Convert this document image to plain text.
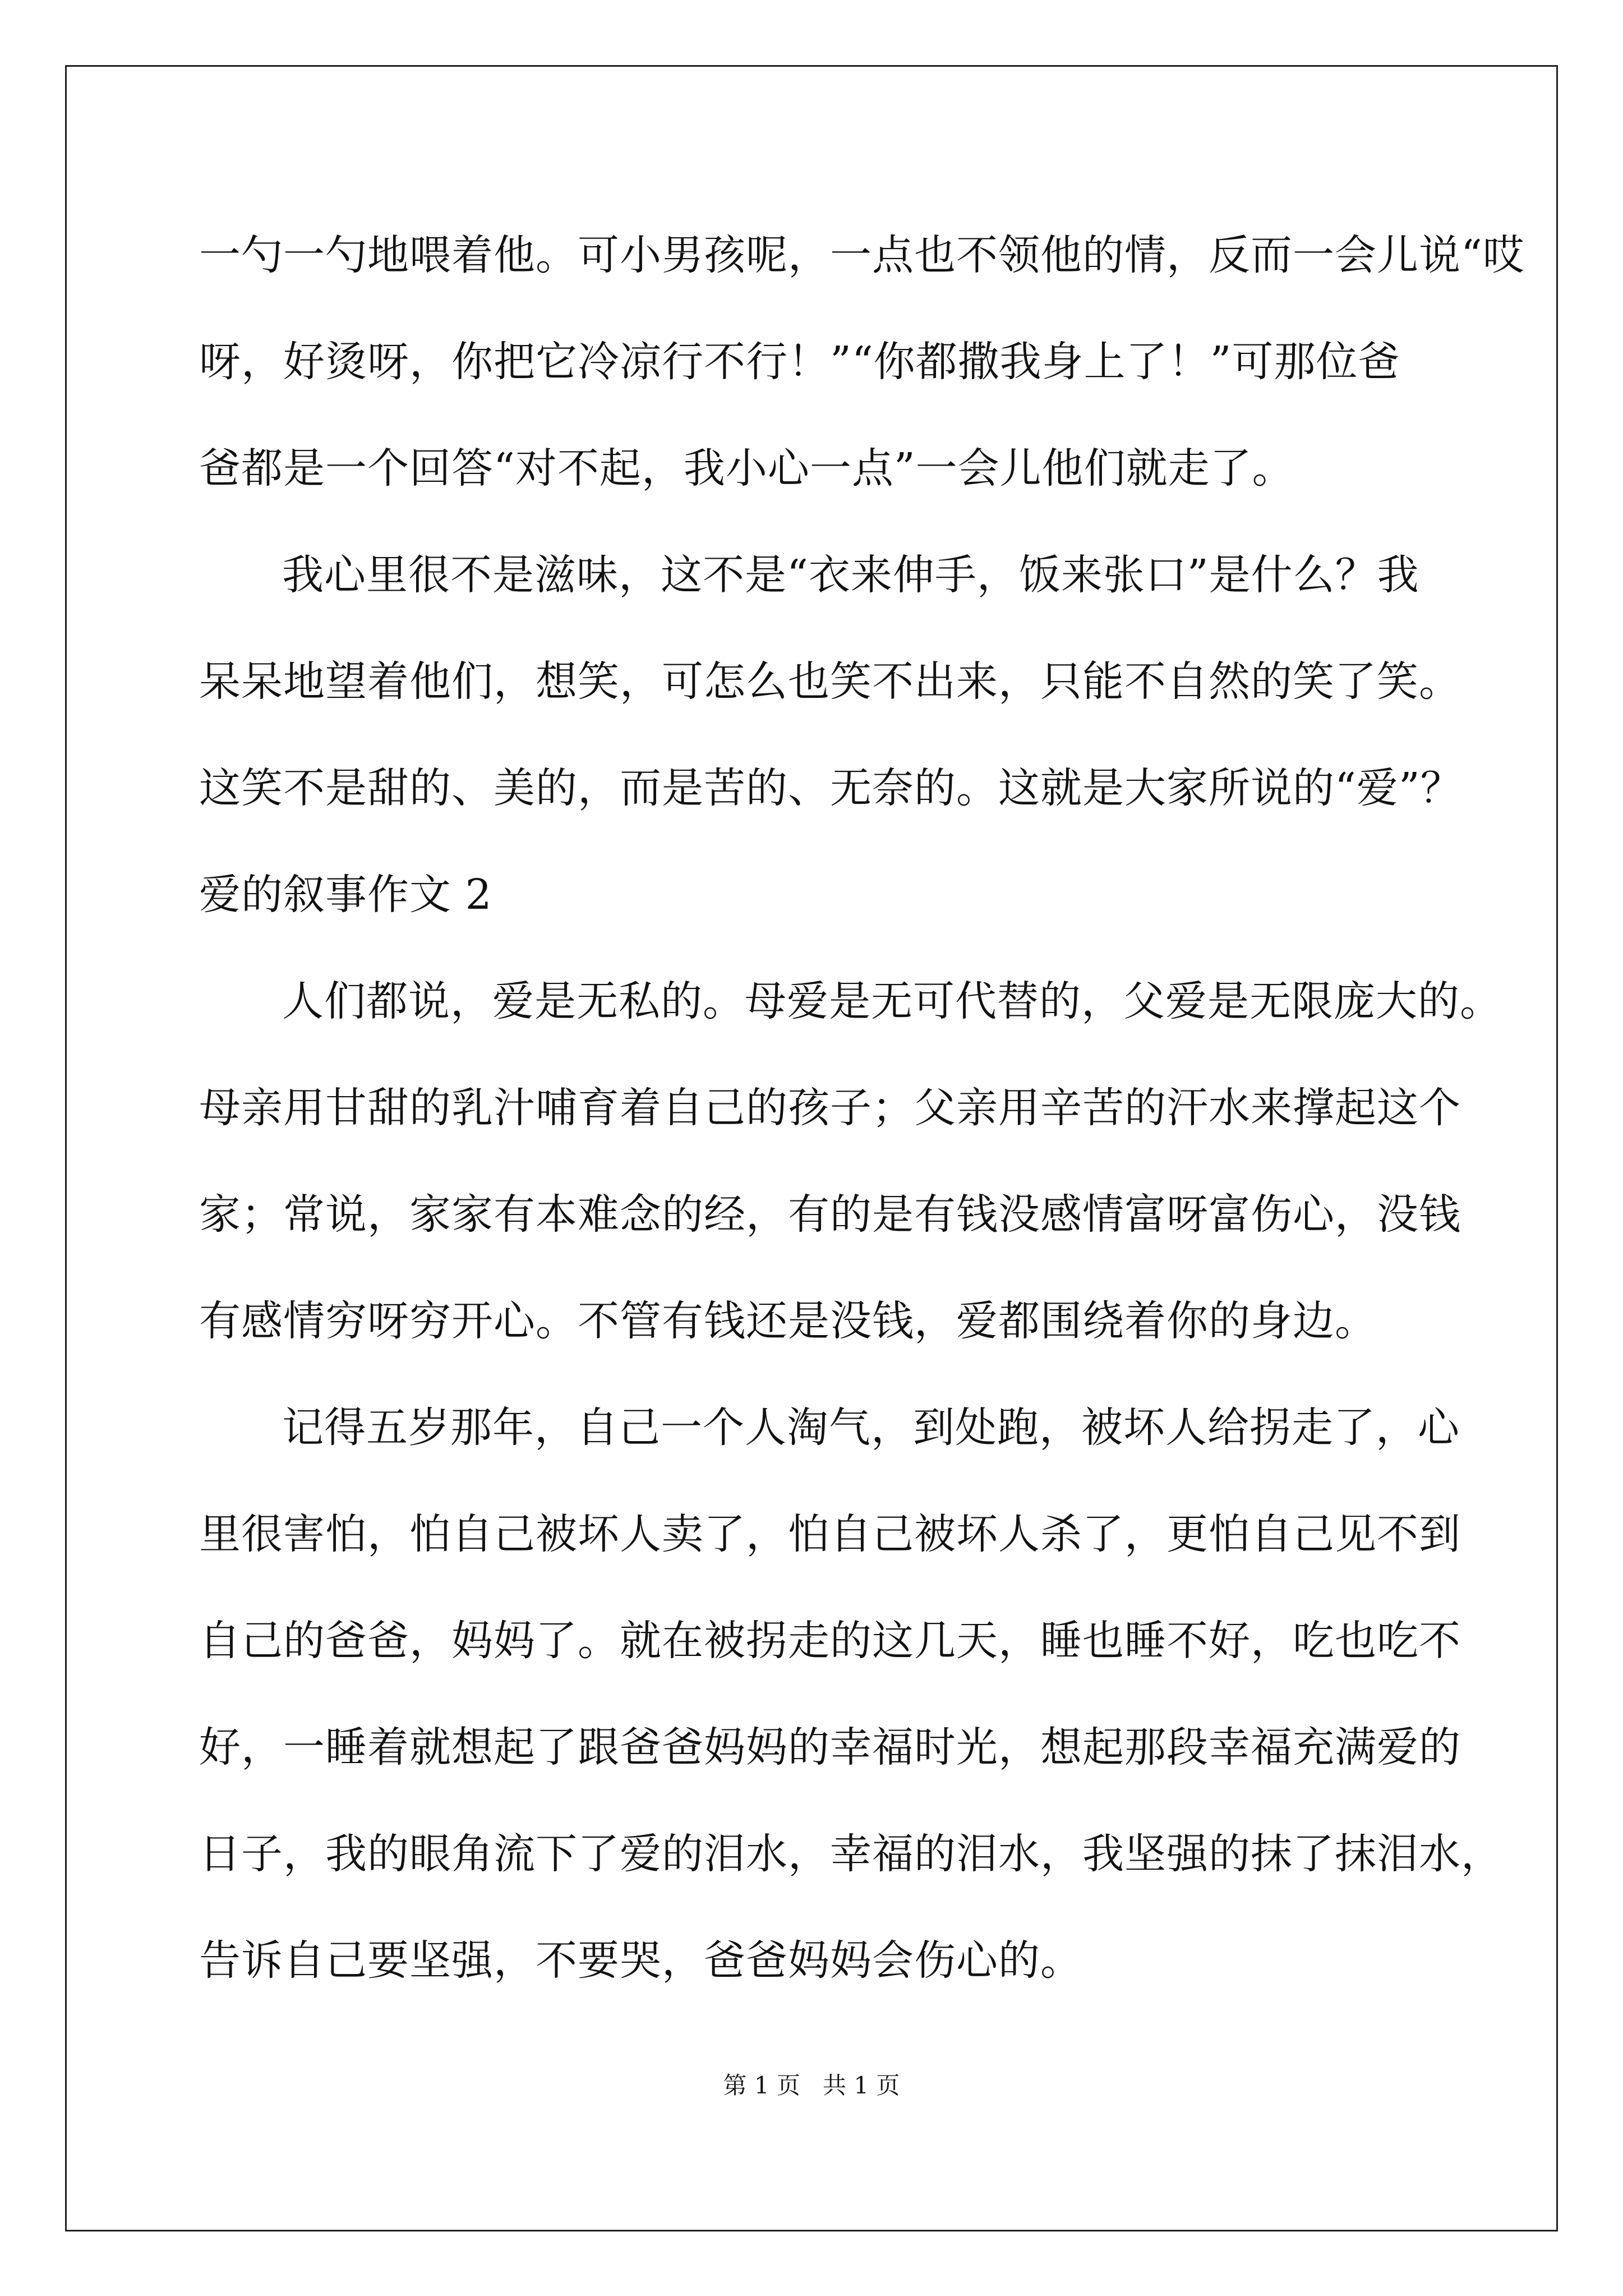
一勺一勺地喂着他。可小男孩呢，一点也不领他的情，反而一会儿说“哎
呀，好烫呀，你把它冷凉行不行！”“你都撒我身上了！”可那位爸
爸都是一个回答“对不起，我小心一点”一会儿他们就走了。
我心里很不是滋味，这不是“衣来伸手，饭来张口”是什么？我
呆呆地望着他们，想笑，可怎么也笑不出来，只能不自然的笑了笑。
这笑不是甜的、美的，而是苦的、无奈的。这就是大家所说的“爱”？
爱的叙事作文 2
人们都说，爱是无私的。母爱是无可代替的，父爱是无限庞大的。
母亲用甘甜的乳汁哺育着自己的孩子；父亲用辛苦的汗水来撑起这个
家；常说，家家有本难念的经，有的是有钱没感情富呀富伤心，没钱
有感情穷呀穷开心。不管有钱还是没钱，爱都围绕着你的身边。
记得五岁那年，自己一个人淘气，到处跑，被坏人给拐走了，心
里很害怕，怕自己被坏人卖了，怕自己被坏人杀了，更怕自己见不到
自己的爸爸，妈妈了。就在被拐走的这几天，睡也睡不好，吃也吃不
好，一睡着就想起了跟爸爸妈妈的幸福时光，想起那段幸福充满爱的
日子，我的眼角流下了爱的泪水，幸福的泪水，我坚强的抹了抹泪水，
告诉自己要坚强，不要哭，爸爸妈妈会伤心的。
第 1 页 共 1 页
